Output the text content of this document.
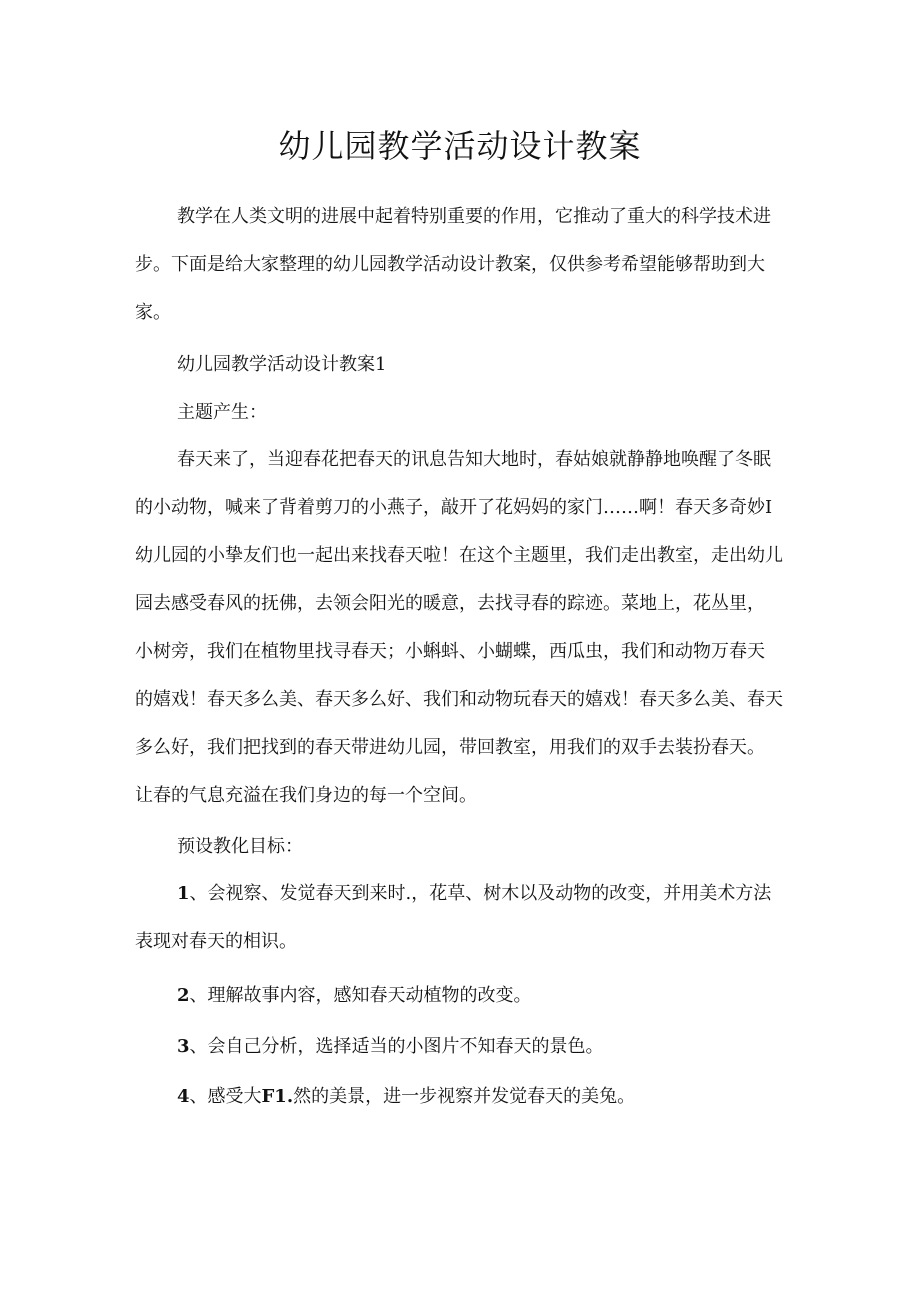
幼儿园教学活动设计教案
教学在人类文明的进展中起着特别重要的作用，它推动了重大的科学技术进
步。下面是给大家整理的幼儿园教学活动设计教案，仅供参考希望能够帮助到大
家。
幼儿园教学活动设计教案1
主题产生：
春天来了，当迎春花把春天的讯息告知大地时，春姑娘就静静地唤醒了冬眠
的小动物，喊来了背着剪刀的小燕子，敲开了花妈妈的家门……啊！春天多奇妙I
幼儿园的小挚友们也一起出来找春天啦！在这个主题里，我们走出教室，走出幼儿
园去感受春风的抚佛，去领会阳光的暖意，去找寻春的踪迹。菜地上，花丛里，
小树旁，我们在植物里找寻春天；小蝌蚪、小蝴蝶，西瓜虫，我们和动物万春天
的嬉戏！春天多么美、春天多么好、我们和动物玩春天的嬉戏！春天多么美、春天
多么好，我们把找到的春天带进幼儿园，带回教室，用我们的双手去装扮春天。
让春的气息充溢在我们身边的每一个空间。
预设教化目标：
1、会视察、发觉春天到来时.，花草、树木以及动物的改变，并用美术方法
表现对春天的相识。
2、理解故事内容，感知春天动植物的改变。
3、会自己分析，选择适当的小图片不知春天的景色。
4、感受大F1.然的美景，进一步视察并发觉春天的美兔。
